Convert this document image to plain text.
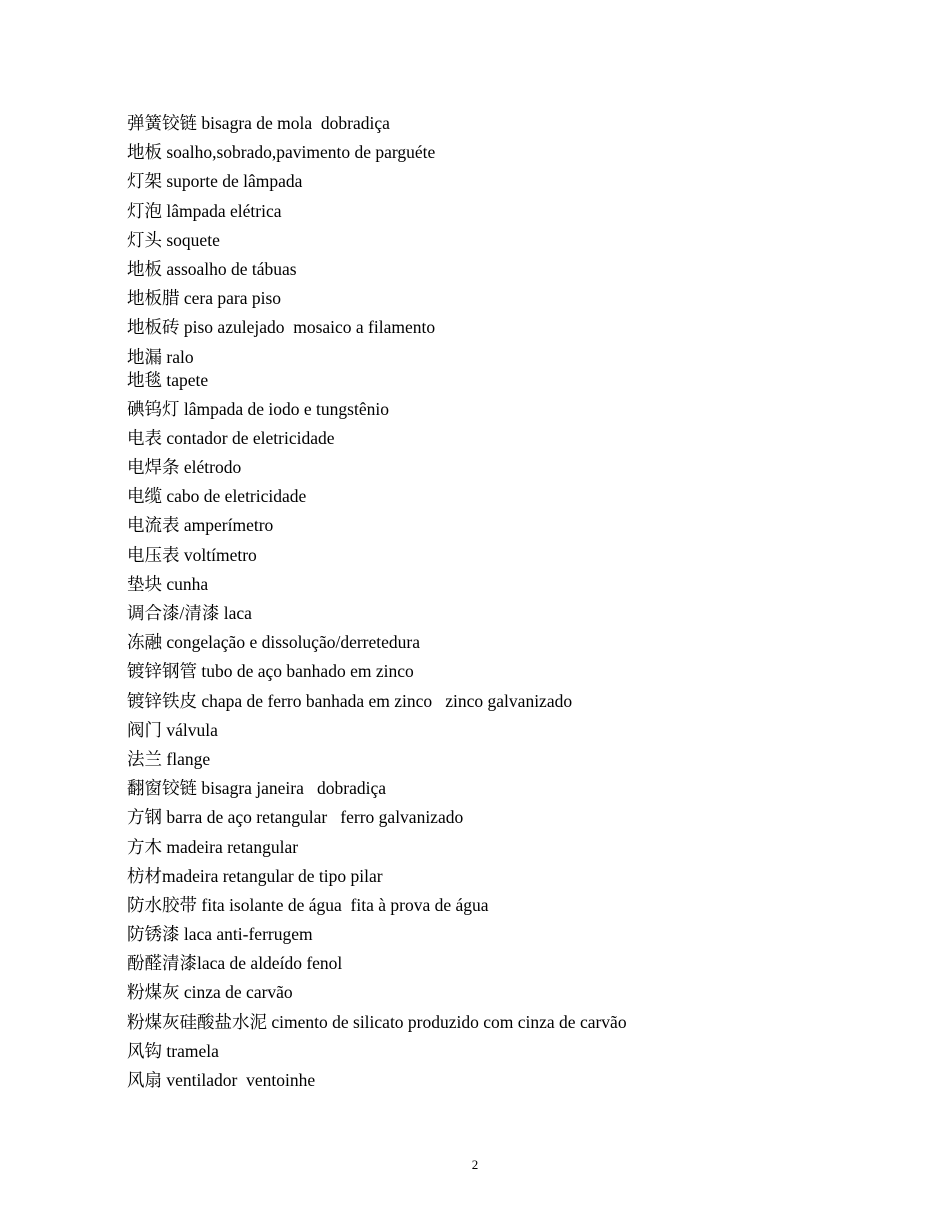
弹簧铰链 bisagra de mola  dobradiça
地板 soalho,sobrado,pavimento de parguéte
灯架 suporte de lâmpada
灯泡 lâmpada elétrica
灯头 soquete
地板 assoalho de tábuas
地板腊 cera para piso
地板砖 piso azulejado  mosaico a filamento
地漏 ralo
地毯 tapete
碘钨灯 lâmpada de iodo e tungstênio
电表 contador de eletricidade
电焊条 elétrodo
电缆 cabo de eletricidade
电流表 amperímetro
电压表 voltímetro
垫块 cunha
调合漆/清漆 laca
冻融 congelação e dissolução/derretedura
镀锌钢管 tubo de aço banhado em zinco
镀锌铁皮 chapa de ferro banhada em zinco   zinco galvanizado
阀门 válvula
法兰 flange
翻窗铰链 bisagra janeira   dobradiça
方钢 barra de aço retangular   ferro galvanizado
方木 madeira retangular
枋材madeira retangular de tipo pilar
防水胶带 fita isolante de água  fita à prova de água
防锈漆 laca anti-ferrugem
酚醛清漆laca de aldeído fenol
粉煤灰 cinza de carvão
粉煤灰硅酸盐水泥 cimento de silicato produzido com cinza de carvão
风钩 tramela
风扇 ventilador  ventoinhe
2
